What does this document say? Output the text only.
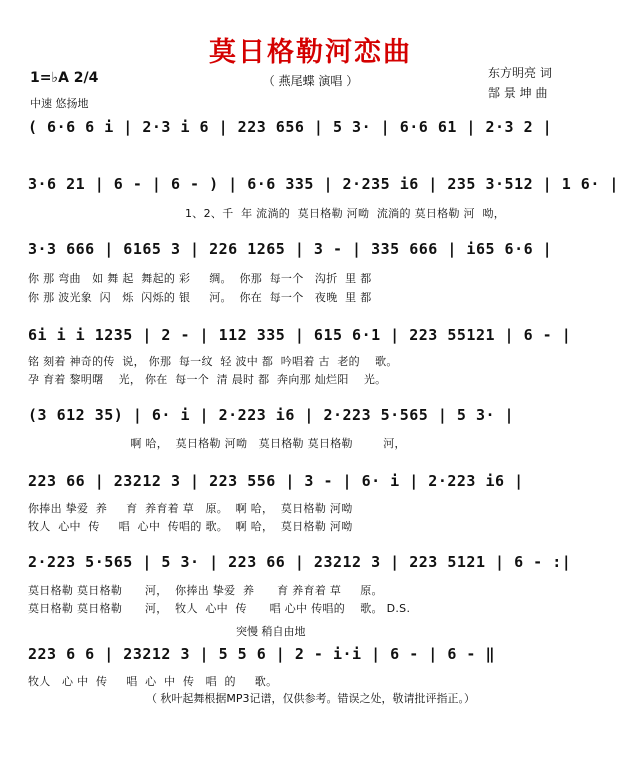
莫日格勒河恋曲
（ 燕尾蝶 演唱 ）
东方明亮 词
郜 景 坤 曲
1=♭A 2/4
中速 悠扬地
( 6·6 6 i | 2·3 i 6 | 223 656 | 5 3· | 6·6 61 | 2·3 2 |
3·6 21 | 6 - | 6 - ) | 6·6 335 | 2·235 i6 | 235 3·512 | 1 6· |
1、2、千  年 流淌的  莫日格勒 河呦  流淌的 莫日格勒 河  呦，
3·3 666 | 6165 3 | 226 1265 | 3 - | 335 666 | i65 6·6 |
你 那 弯曲   如 舞 起  舞起的 彩     绸。  你那  每一个   沟折  里 都
你 那 波光象  闪   烁  闪烁的 银     河。  你在  每一个   夜晚  里 都
6i i i 1235 | 2 - | 112 335 | 615 6·1 | 223 55121 | 6 - |
铭 刻着 神奇的传  说， 你那  每一纹  轻 波中 都  吟唱着 古  老的    歌。
孕 育着 黎明曙    光， 你在  每一个  清 晨时 都  奔向那 灿烂阳    光。
(3 612 35) | 6· i | 2·223 i6 | 2·223 5·565 | 5 3· |
啊 哈，  莫日格勒 河呦   莫日格勒 莫日格勒        河，
223 66 | 23212 3 | 223 556 | 3 - | 6· i | 2·223 i6 |
你捧出 挚爱  养     育  养育着 草   原。  啊 哈，  莫日格勒 河呦
牧人  心中  传     唱  心中  传唱的 歌。  啊 哈，  莫日格勒 河呦
2·223 5·565 | 5 3· | 223 66 | 23212 3 | 223 5121 | 6 - :|
莫日格勒 莫日格勒      河，  你捧出 挚爱  养      育 养育着 草     原。
莫日格勒 莫日格勒      河，  牧人  心中  传      唱 心中 传唱的    歌。 D.S.
突慢 稍自由地
223 6 6 | 23212 3 | 5 5 6 | 2 - i·i | 6 - | 6 - ‖
牧人   心 中  传     唱  心  中  传   唱  的     歌。
（ 秋叶起舞根据MP3记谱，仅供参考。错误之处，敬请批评指正。）
